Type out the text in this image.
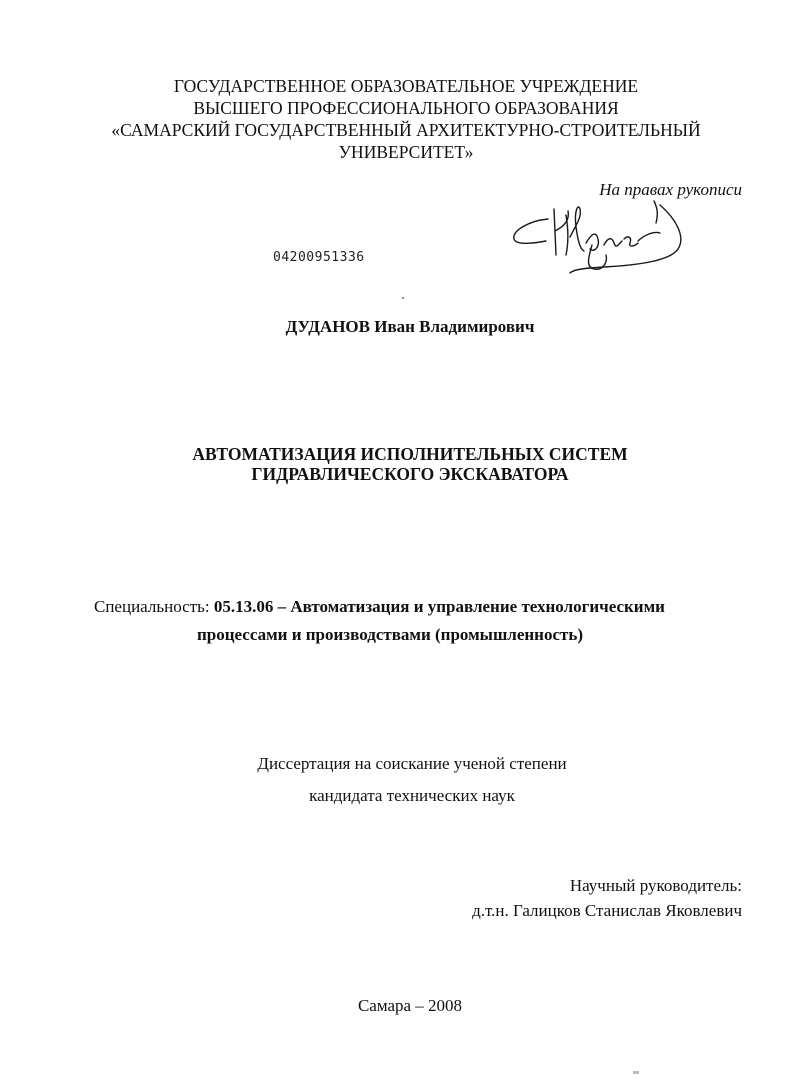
ГОСУДАРСТВЕННОЕ ОБРАЗОВАТЕЛЬНОЕ УЧРЕЖДЕНИЕ
ВЫСШЕГО ПРОФЕССИОНАЛЬНОГО ОБРАЗОВАНИЯ
«САМАРСКИЙ ГОСУДАРСТВЕННЫЙ АРХИТЕКТУРНО-СТРОИТЕЛЬНЫЙ
УНИВЕРСИТЕТ»

На правах рукописи
04200951336

ДУДАНОВ Иван Владимирович

АВТОМАТИЗАЦИЯ ИСПОЛНИТЕЛЬНЫХ СИСТЕМ
ГИДРАВЛИЧЕСКОГО ЭКСКАВАТОРА

Специальность: 05.13.06 – Автоматизация и управление технологическими
процессами и производствами (промышленность)

Диссертация на соискание ученой степени
кандидата технических наук

Научный руководитель:
д.т.н. Галицков Станислав Яковлевич

Самара – 2008
